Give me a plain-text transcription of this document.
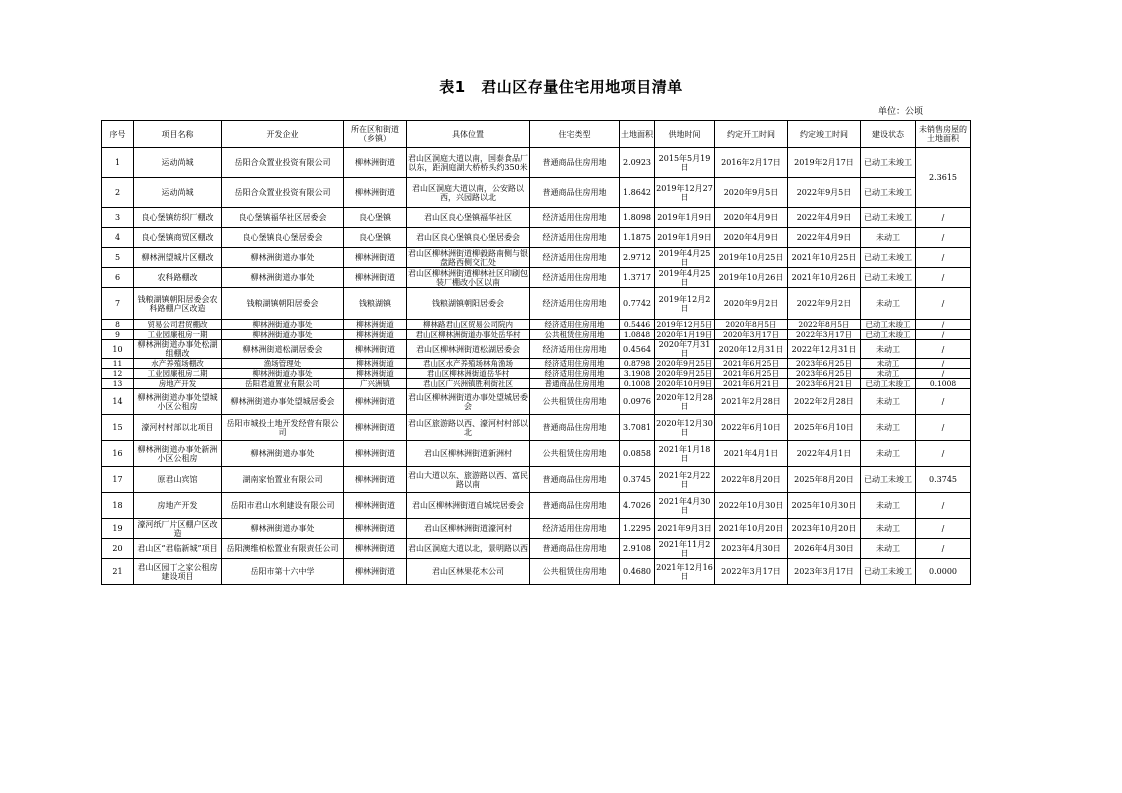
表1　君山区存量住宅用地项目清单
单位：公顷
序号	项目名称	开发企业	所在区和街道（乡镇）	具体位置	住宅类型	土地面积	供地时间	约定开工时间	约定竣工时间	建设状态	未销售房屋的土地面积
1	运动尚城	岳阳合众置业投资有限公司	柳林洲街道	君山区洞庭大道以南，国泰食品厂以东，距洞庭湖大桥桥头约350米	普通商品住房用地	2.0923	2015年5月19日	2016年2月17日	2019年2月17日	已动工未竣工	2.3615
2	运动尚城	岳阳合众置业投资有限公司	柳林洲街道	君山区洞庭大道以南，公安路以西，兴园路以北	普通商品住房用地	1.8642	2019年12月27日	2020年9月5日	2022年9月5日	已动工未竣工	
3	良心堡镇纺织厂棚改	良心堡镇福华社区居委会	良心堡镇	君山区良心堡镇福华社区	经济适用住房用地	1.8098	2019年1月9日	2020年4月9日	2022年4月9日	已动工未竣工	/
4	良心堡镇商贸区棚改	良心堡镇良心堡居委会	良心堡镇	君山区良心堡镇良心堡居委会	经济适用住房用地	1.1875	2019年1月9日	2020年4月9日	2022年4月9日	未动工	/
5	柳林洲望城片区棚改	柳林洲街道办事处	柳林洲街道	君山区柳林洲街道柳毅路南侧与银盘路西侧交汇处	经济适用住房用地	2.9712	2019年4月25日	2019年10月25日	2021年10月25日	已动工未竣工	/
6	农科路棚改	柳林洲街道办事处	柳林洲街道	君山区柳林洲街道柳林社区印刷包装厂棚改小区以南	经济适用住房用地	1.3717	2019年4月25日	2019年10月26日	2021年10月26日	已动工未竣工	/
7	钱粮湖镇朝阳居委会农科路棚户区改造	钱粮湖镇朝阳居委会	钱粮湖镇	钱粮湖镇朝阳居委会	经济适用住房用地	0.7742	2019年12月2日	2020年9月2日	2022年9月2日	未动工	/
8	贸易公司君贸棚改	柳林洲街道办事处	柳林洲街道	柳林路君山区贸易公司院内	经济适用住房用地	0.5446	2019年12月5日	2020年8月5日	2022年8月5日	已动工未竣工	/
9	工业园廉租房一期	柳林洲街道办事处	柳林洲街道	君山区柳林洲街道办事处岳华村	公共租赁住房用地	1.0848	2020年1月19日	2020年3月17日	2022年3月17日	已动工未竣工	/
10	柳林洲街道办事处松湖组棚改	柳林洲街道松湖居委会	柳林洲街道	君山区柳林洲街道松湖居委会	经济适用住房用地	0.4564	2020年7月31日	2020年12月31日	2022年12月31日	未动工	/
11	水产养殖场棚改	渔场管理处	柳林洲街道	君山区水产养殖场林角渔场	经济适用住房用地	0.8798	2020年9月25日	2021年6月25日	2023年6月25日	未动工	/
12	工业园廉租房二期	柳林洲街道办事处	柳林洲街道	君山区柳林洲街道岳华村	经济适用住房用地	3.1908	2020年9月25日	2021年6月25日	2023年6月25日	未动工	/
13	房地产开发	岳阳君道置业有限公司	广兴洲镇	君山区广兴洲镇胜利街社区	普通商品住房用地	0.1008	2020年10月9日	2021年6月21日	2023年6月21日	已动工未竣工	0.1008
14	柳林洲街道办事处望城小区公租房	柳林洲街道办事处望城居委会	柳林洲街道	君山区柳林洲街道办事处望城居委会	公共租赁住房用地	0.0976	2020年12月28日	2021年2月28日	2022年2月28日	未动工	/
15	濠河村村部以北项目	岳阳市城投土地开发经营有限公司	柳林洲街道	君山区旅游路以西、濠河村村部以北	普通商品住房用地	3.7081	2020年12月30日	2022年6月10日	2025年6月10日	未动工	/
16	柳林洲街道办事处新洲小区公租房	柳林洲街道办事处	柳林洲街道	君山区柳林洲街道新洲村	公共租赁住房用地	0.0858	2021年1月18日	2021年4月1日	2022年4月1日	未动工	/
17	原君山宾馆	湖南家怡置业有限公司	柳林洲街道	君山大道以东、旅游路以西、富民路以南	普通商品住房用地	0.3745	2021年2月22日	2022年8月20日	2025年8月20日	已动工未竣工	0.3745
18	房地产开发	岳阳市君山水利建设有限公司	柳林洲街道	君山区柳林洲街道自城垸居委会	普通商品住房用地	4.7026	2021年4月30日	2022年10月30日	2025年10月30日	未动工	/
19	濠河纸厂片区棚户区改造	柳林洲街道办事处	柳林洲街道	君山区柳林洲街道濠河村	经济适用住房用地	1.2295	2021年9月3日	2021年10月20日	2023年10月20日	未动工	/
20	君山区“君临新城”项目	岳阳澳维柏松置业有限责任公司	柳林洲街道	君山区洞庭大道以北，景明路以西	普通商品住房用地	2.9108	2021年11月2日	2023年4月30日	2026年4月30日	未动工	/
21	君山区园丁之家公租房建设项目	岳阳市第十六中学	柳林洲街道	君山区林果花木公司	公共租赁住房用地	0.4680	2021年12月16日	2022年3月17日	2023年3月17日	已动工未竣工	0.0000
